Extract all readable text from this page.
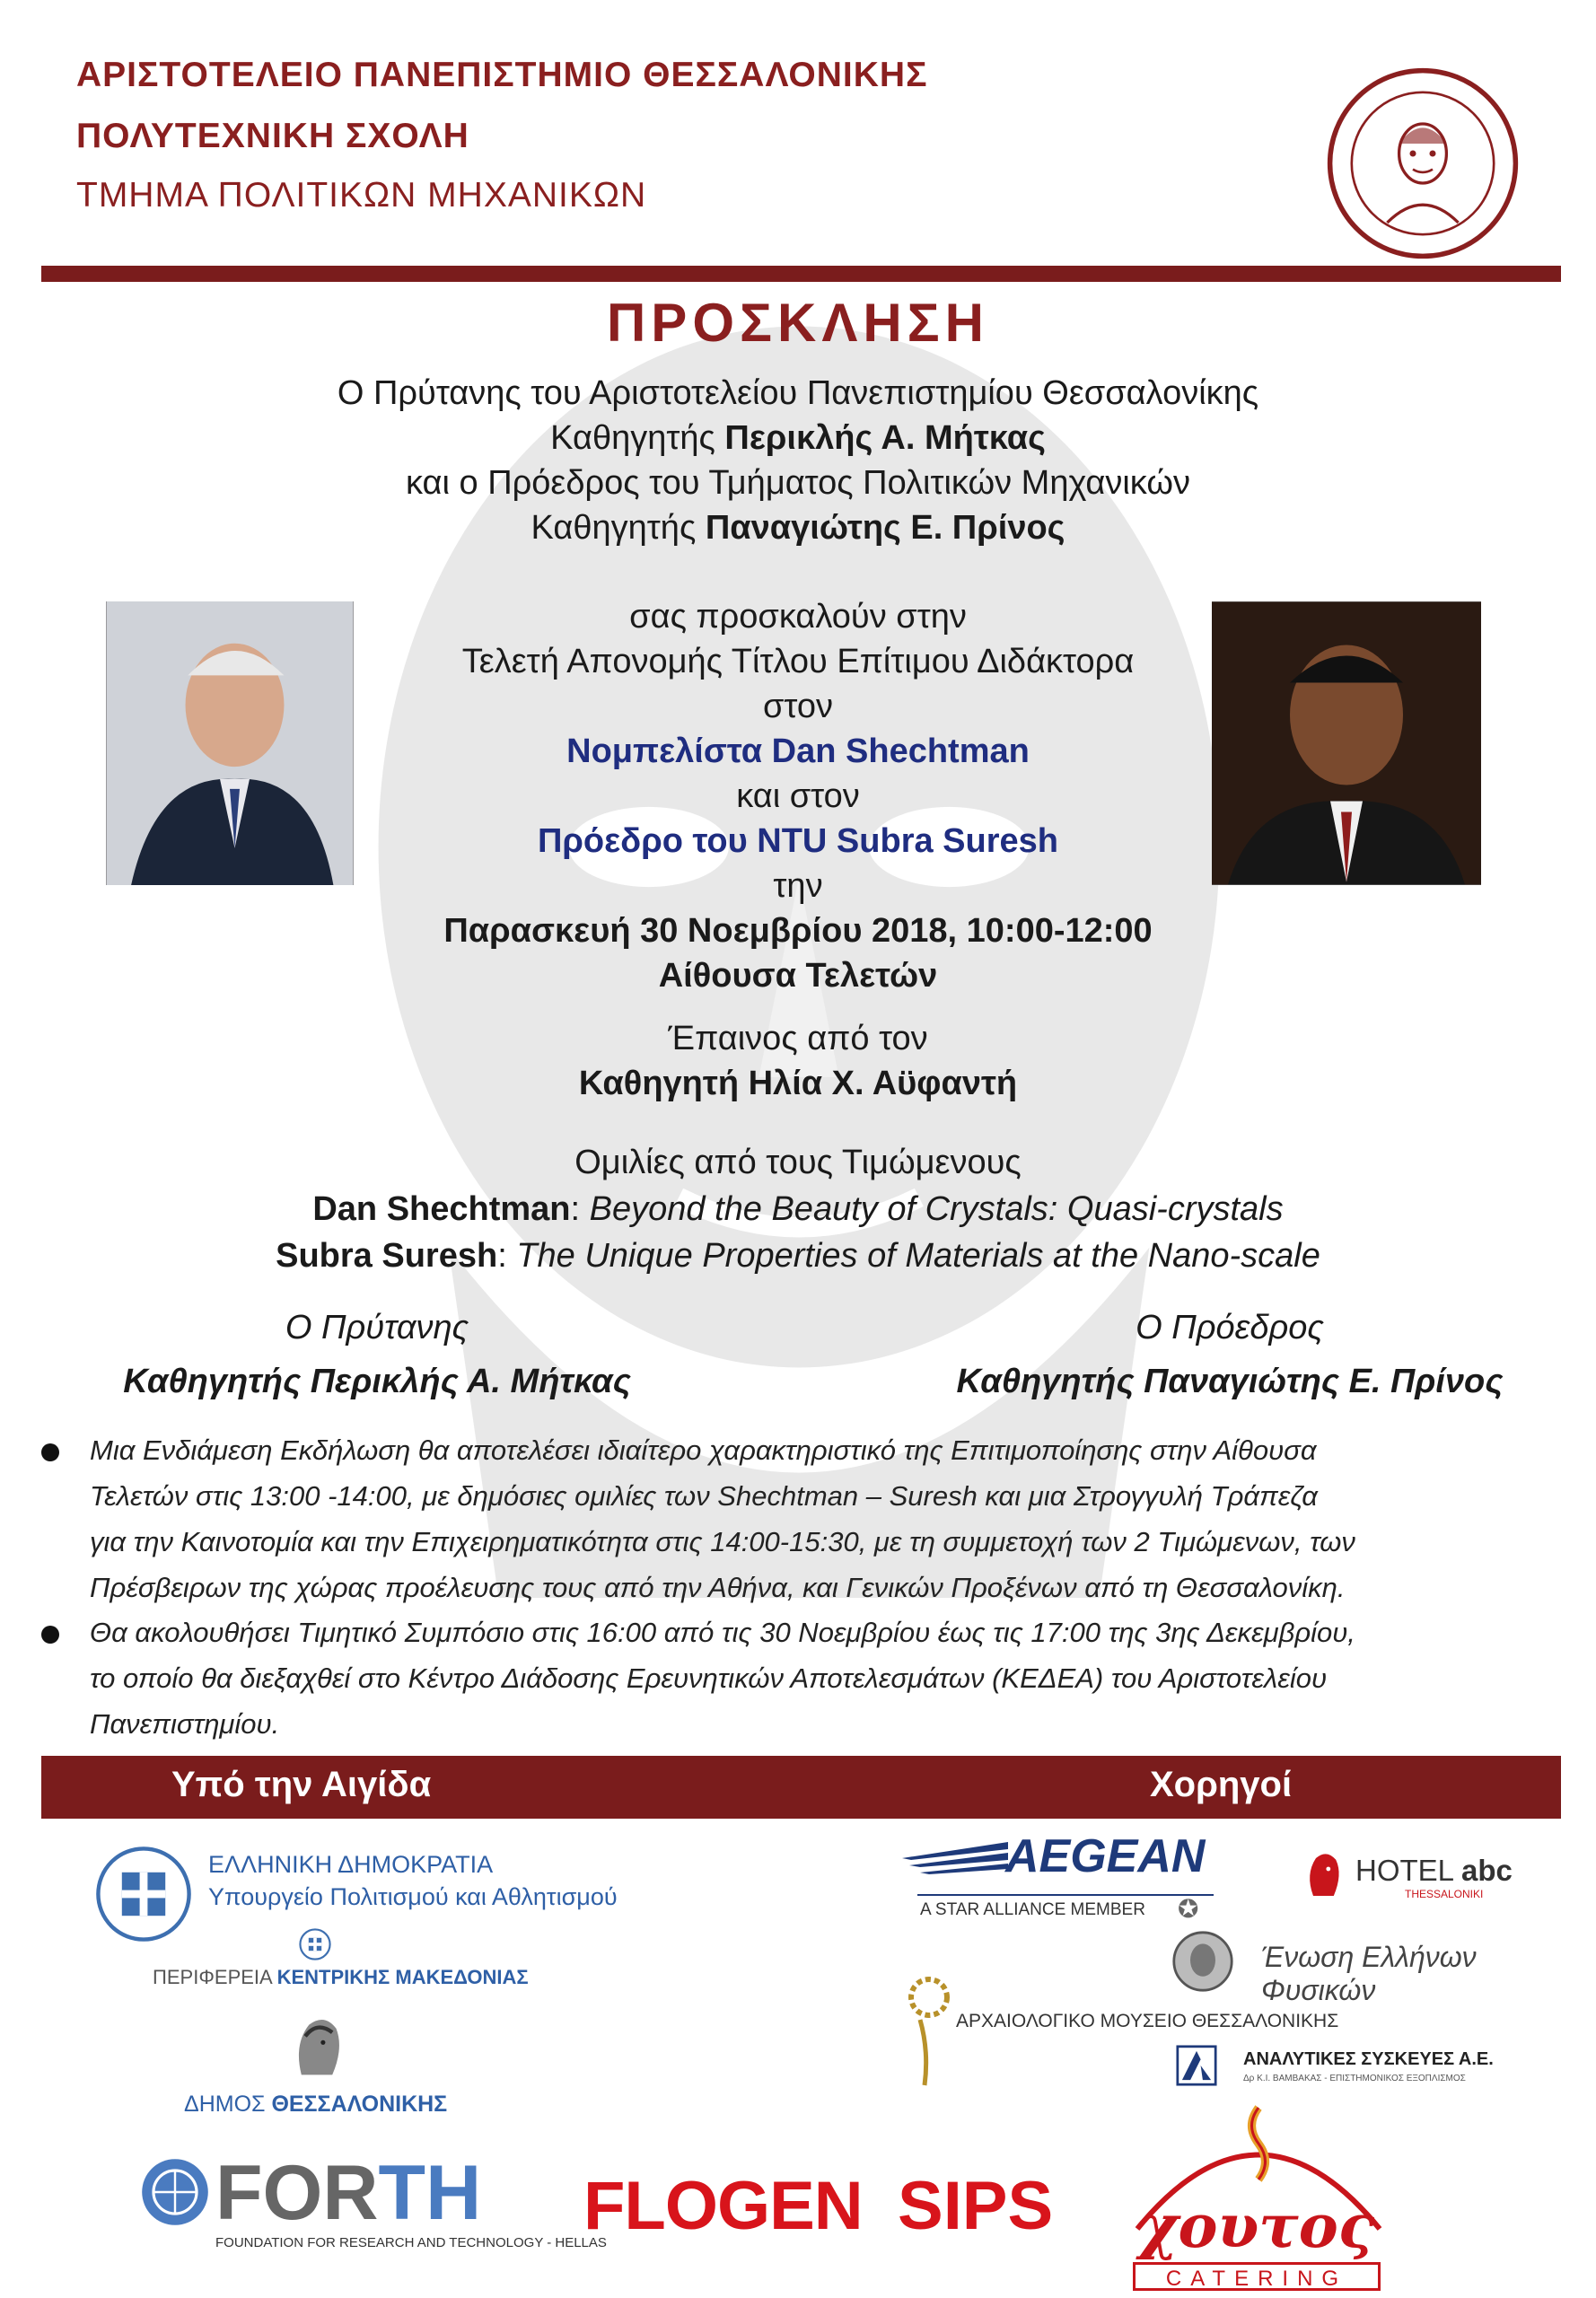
ΑΡΙΣΤΟΤΕΛΕΙΟ ΠΑΝΕΠΙΣΤΗΜΙΟ ΘΕΣΣΑΛΟΝΙΚΗΣ
ΠΟΛΥΤΕΧΝΙΚΗ ΣΧΟΛΗ
ΤΜΗΜΑ ΠΟΛΙΤΙΚΩΝ ΜΗΧΑΝΙΚΩΝ
ΠΡΟΣΚΛΗΣΗ
Ο Πρύτανης του Αριστοτελείου Πανεπιστημίου Θεσσαλονίκης
Καθηγητής Περικλής Α. Μήτκας
και ο Πρόεδρος του Τμήματος Πολιτικών Μηχανικών
Καθηγητής Παναγιώτης Ε. Πρίνος
σας προσκαλούν στην
Τελετή Απονομής Τίτλου Επίτιμου Διδάκτορα
στον
Νομπελίστα Dan Shechtman
και στον
Πρόεδρο του NTU Subra Suresh
την
Παρασκευή 30 Νοεμβρίου 2018, 10:00-12:00
Αίθουσα Τελετών
Έπαινος από τον
Καθηγητή Ηλία Χ. Αϋφαντή
Ομιλίες από τους Τιμώμενους
Dan Shechtman: Beyond the Beauty of Crystals: Quasi-crystals
Subra Suresh: The Unique Properties of Materials at the Nano-scale
Ο Πρύτανης
Καθηγητής Περικλής Α. Μήτκας
Ο Πρόεδρος
Καθηγητής Παναγιώτης Ε. Πρίνος
Μια Ενδιάμεση Εκδήλωση θα αποτελέσει ιδιαίτερο χαρακτηριστικό της Επιτιμοποίησης στην Αίθουσα
Τελετών στις 13:00 -14:00, με δημόσιες ομιλίες των Shechtman – Suresh και μια Στρογγυλή Τράπεζα
για την Καινοτομία και την Επιχειρηματικότητα στις 14:00-15:30, με τη συμμετοχή των 2 Τιμώμενων, των
Πρέσβειρων της χώρας προέλευσης τους από την Αθήνα, και Γενικών Προξένων από τη Θεσσαλονίκη.
Θα ακολουθήσει Τιμητικό Συμπόσιο στις 16:00 από τις 30 Νοεμβρίου έως τις 17:00 της 3ης Δεκεμβρίου,
το οποίο θα διεξαχθεί στο Κέντρο Διάδοσης Ερευνητικών Αποτελεσμάτων (ΚΕΔΕΑ) του Αριστοτελείου
Πανεπιστημίου.
Υπό την Αιγίδα	Χορηγοί
ΕΛΛΗΝΙΚΗ ΔΗΜΟΚΡΑΤΙΑ
Υπουργείο Πολιτισμού και Αθλητισμού
ΠΕΡΙΦΕΡΕΙΑ ΚΕΝΤΡΙΚΗΣ ΜΑΚΕΔΟΝΙΑΣ
ΔΗΜΟΣ ΘΕΣΣΑΛΟΝΙΚΗΣ
FORTH
FOUNDATION FOR RESEARCH AND TECHNOLOGY - HELLAS
FLOGEN SIPS
AEGEAN
A STAR ALLIANCE MEMBER ✪
HOTEL abc
THESSALONIKI
Ένωση Ελλήνων Φυσικών
ΑΡΧΑΙΟΛΟΓΙΚΟ ΜΟΥΣΕΙΟ ΘΕΣΣΑΛΟΝΙΚΗΣ
ΑΝΑΛΥΤΙΚΕΣ ΣΥΣΚΕΥΕΣ Α.Ε.
Δρ Κ.Ι. ΒΑΜΒΑΚΑΣ - ΕΠΙΣΤΗΜΟΝΙΚΟΣ ΕΞΟΠΛΙΣΜΟΣ
χουτος
CATERING
